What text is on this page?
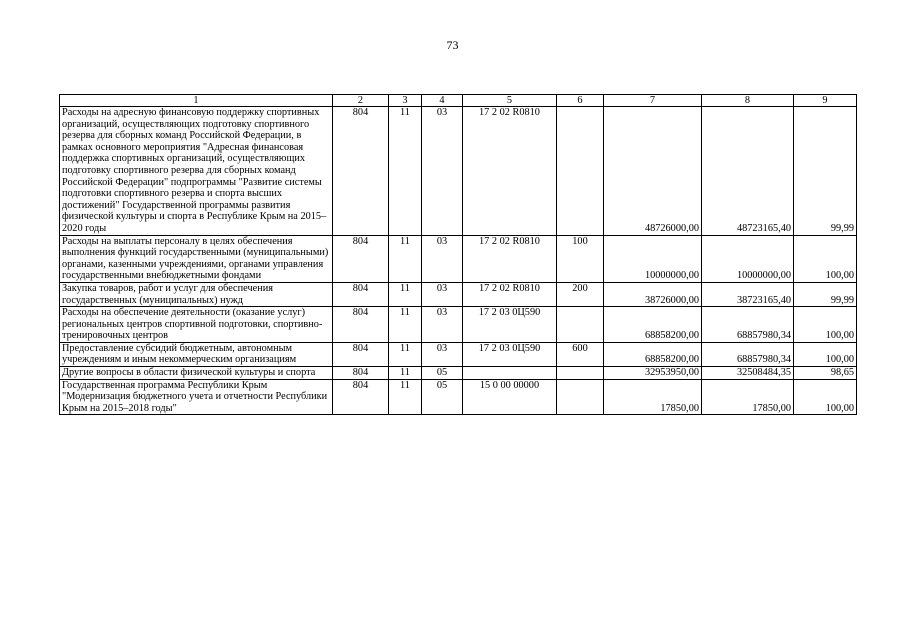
73
1	2	3	4	5	6	7	8	9
Расходы на адресную финансовую поддержку спортивных организаций, осуществляющих подготовку спортивного резерва для сборных команд Российской Федерации, в рамках основного мероприятия "Адресная финансовая поддержка спортивных организаций, осуществляющих подготовку спортивного резерва для сборных команд Российской Федерации" подпрограммы "Развитие системы подготовки спортивного резерва и спорта высших достижений" Государственной программы развития физической культуры и спорта в Республике Крым на 2015–2020 годы	804	11	03	17 2 02 R0810		48726000,00	48723165,40	99,99
Расходы на выплаты персоналу в целях обеспечения выполнения функций государственными (муниципальными) органами, казенными учреждениями, органами управления государственными внебюджетными фондами	804	11	03	17 2 02 R0810	100	10000000,00	10000000,00	100,00
Закупка товаров, работ и услуг для обеспечения государственных (муниципальных) нужд	804	11	03	17 2 02 R0810	200	38726000,00	38723165,40	99,99
Расходы на обеспечение деятельности (оказание услуг) региональных центров спортивной подготовки, спортивно-тренировочных центров	804	11	03	17 2 03 0Ц590		68858200,00	68857980,34	100,00
Предоставление субсидий бюджетным, автономным учреждениям и иным некоммерческим организациям	804	11	03	17 2 03 0Ц590	600	68858200,00	68857980,34	100,00
Другие вопросы в области физической культуры и спорта	804	11	05			32953950,00	32508484,35	98,65
Государственная программа Республики Крым "Модернизация бюджетного учета и отчетности Республики Крым на 2015–2018 годы"	804	11	05	15 0 00 00000		17850,00	17850,00	100,00
